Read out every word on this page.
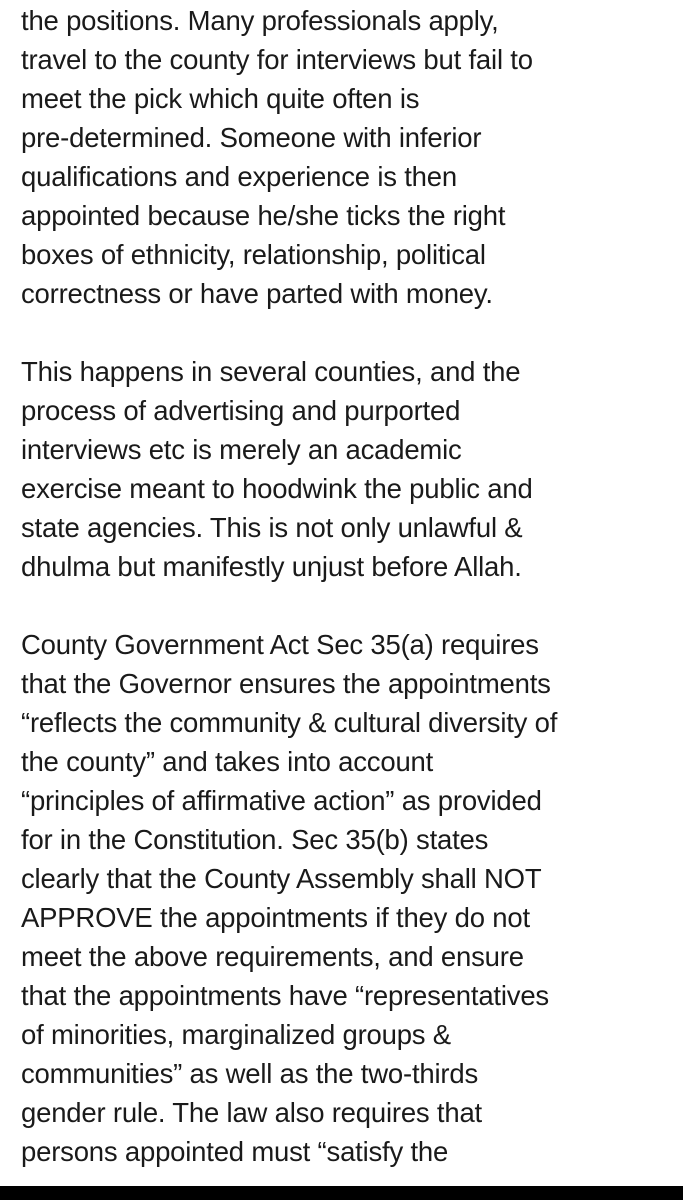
the positions. Many professionals apply,
travel to the county for interviews but fail to
meet the pick which quite often is
pre-determined. Someone with inferior
qualifications and experience is then
appointed because he/she ticks the right
boxes of ethnicity, relationship, political
correctness or have parted with money.

This happens in several counties, and the
process of advertising and purported
interviews etc is merely an academic
exercise meant to hoodwink the public and
state agencies. This is not only unlawful &
dhulma but manifestly unjust before Allah.

County Government Act Sec 35(a) requires
that the Governor ensures the appointments
“reflects the community & cultural diversity of
the county” and takes into account
“principles of affirmative action” as provided
for in the Constitution. Sec 35(b) states
clearly that the County Assembly shall NOT
APPROVE the appointments if they do not
meet the above requirements, and ensure
that the appointments have “representatives
of minorities, marginalized groups &
communities” as well as the two-thirds
gender rule. The law also requires that
persons appointed must “satisfy the
